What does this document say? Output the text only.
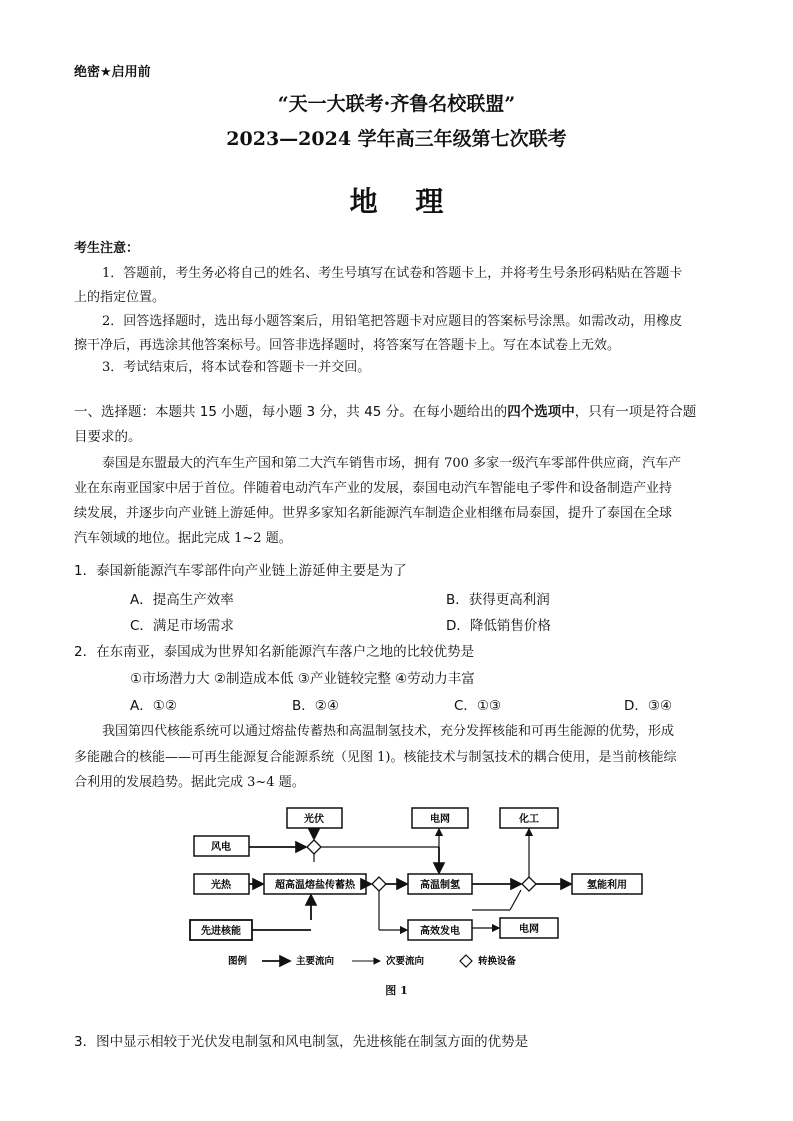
绝密★启用前
“天一大联考·齐鲁名校联盟”
2023—2024 学年高三年级第七次联考
地 理
考生注意：
1．答题前，考生务必将自己的姓名、考生号填写在试卷和答题卡上，并将考生号条形码粘贴在答题卡
上的指定位置。
2．回答选择题时，选出每小题答案后，用铅笔把答题卡对应题目的答案标号涂黑。如需改动，用橡皮
擦干净后，再选涂其他答案标号。回答非选择题时，将答案写在答题卡上。写在本试卷上无效。
3．考试结束后，将本试卷和答题卡一并交回。
一、选择题：本题共 15 小题，每小题 3 分，共 45 分。在每小题给出的四个选项中，只有一项是符合题
目要求的。
泰国是东盟最大的汽车生产国和第二大汽车销售市场，拥有 700 多家一级汽车零部件供应商，汽车产
业在东南亚国家中居于首位。伴随着电动汽车产业的发展，泰国电动汽车智能电子零件和设备制造产业持
续发展，并逐步向产业链上游延伸。世界多家知名新能源汽车制造企业相继布局泰国，提升了泰国在全球
汽车领域的地位。据此完成 1~2 题。
1．泰国新能源汽车零部件向产业链上游延伸主要是为了
A．提高生产效率	B．获得更高利润
C．满足市场需求	D．降低销售价格
2．在东南亚，泰国成为世界知名新能源汽车落户之地的比较优势是
①市场潜力大 ②制造成本低 ③产业链较完整 ④劳动力丰富
A．①②	B．②④	C．①③	D．③④
我国第四代核能系统可以通过熔盐传蓄热和高温制氢技术，充分发挥核能和可再生能源的优势，形成
多能融合的核能——可再生能源复合能源系统（见图 1)。核能技术与制氢技术的耦合使用，是当前核能综
合利用的发展趋势。据此完成 3~4 题。
光伏
风电
光热
先进核能
超高温熔盐传蓄热
电网
高温制氢
高效发电	电网
化工
氢能利用
图例	主要流向	次要流向	转换设备
图 1
3．图中显示相较于光伏发电制氢和风电制氢，先进核能在制氢方面的优势是
